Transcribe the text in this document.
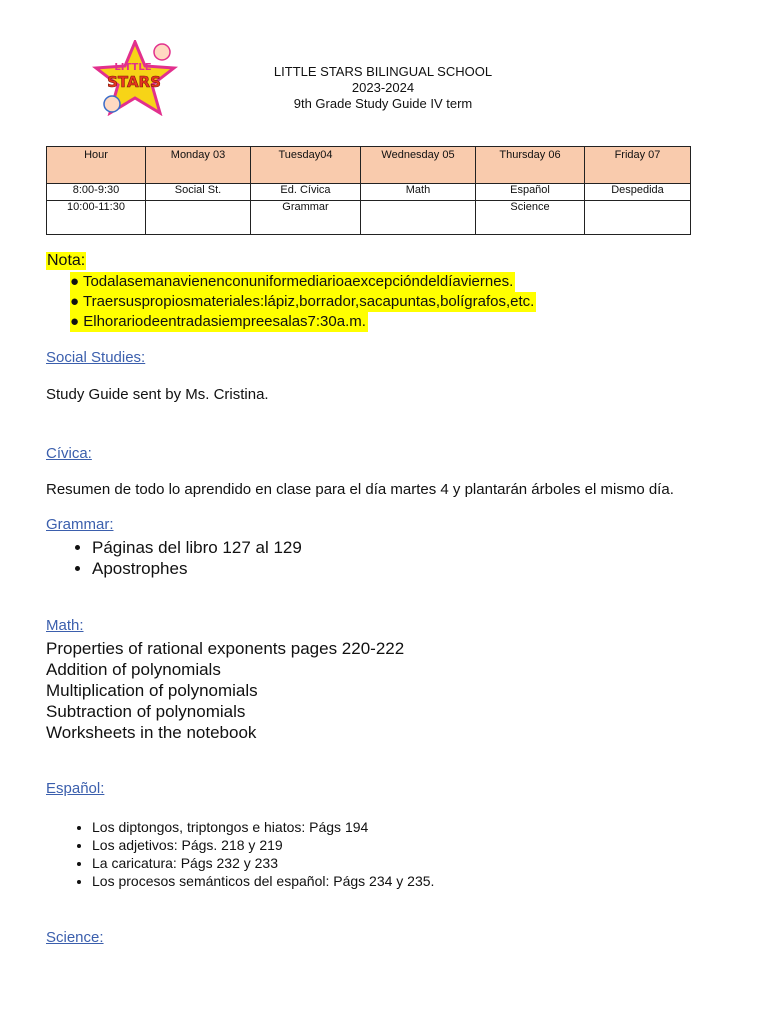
LITTLE
STARS
LITTLE STARS BILINGUAL SCHOOL
2023-2024
9th Grade Study Guide IV term
Hour	Monday 03	Tuesday04	Wednesday 05	Thursday 06	Friday 07
8:00-9:30	Social St.	Ed. Cívica	Math	Español	Despedida
10:00-11:30		Grammar		Science	
Nota:
● Todalasemanavienenconuniformediarioaexcepcióndeldíaviernes.
● Traersuspropiosmateriales:lápiz,borrador,sacapuntas,bolígrafos,etc.
● Elhorariodeentradasiempreesalas7:30a.m.
Social Studies:
Study Guide sent by Ms. Cristina.
Cívica:
Resumen de todo lo aprendido en clase para el día martes 4 y plantarán árboles el mismo día.
Grammar:
• Páginas del libro 127 al 129
• Apostrophes
Math:
Properties of rational exponents pages 220-222
Addition of polynomials
Multiplication of polynomials
Subtraction of polynomials
Worksheets in the notebook
Español:
• Los diptongos, triptongos e hiatos: Págs 194
• Los adjetivos: Págs. 218 y 219
• La caricatura: Págs 232 y 233
• Los procesos semánticos del español: Págs 234 y 235.
Science:
